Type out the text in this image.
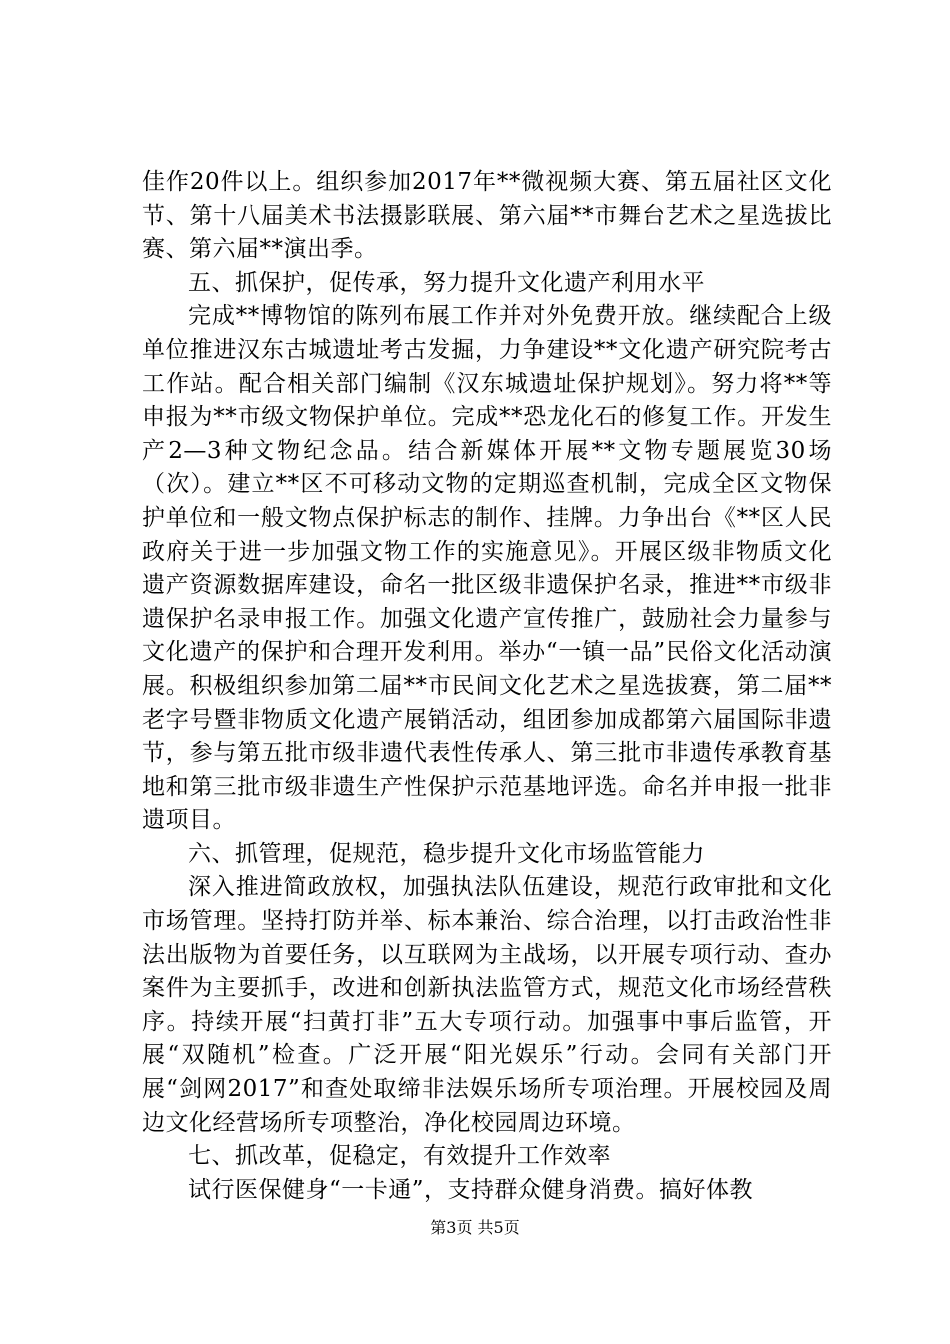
佳作20件以上。组织参加2017年**微视频大赛、第五届社区文化节、第十八届美术书法摄影联展、第六届**市舞台艺术之星选拔比赛、第六届**演出季。

五、抓保护，促传承，努力提升文化遗产利用水平

完成**博物馆的陈列布展工作并对外免费开放。继续配合上级单位推进汉东古城遗址考古发掘，力争建设**文化遗产研究院考古工作站。配合相关部门编制《汉东城遗址保护规划》。努力将**等申报为**市级文物保护单位。完成**恐龙化石的修复工作。开发生产2—3种文物纪念品。结合新媒体开展**文物专题展览30场（次）。建立**区不可移动文物的定期巡查机制，完成全区文物保护单位和一般文物点保护标志的制作、挂牌。力争出台《**区人民政府关于进一步加强文物工作的实施意见》。开展区级非物质文化遗产资源数据库建设，命名一批区级非遗保护名录，推进**市级非遗保护名录申报工作。加强文化遗产宣传推广，鼓励社会力量参与文化遗产的保护和合理开发利用。举办“一镇一品”民俗文化活动演展。积极组织参加第二届**市民间文化艺术之星选拔赛，第二届**老字号暨非物质文化遗产展销活动，组团参加成都第六届国际非遗节，参与第五批市级非遗代表性传承人、第三批市非遗传承教育基地和第三批市级非遗生产性保护示范基地评选。命名并申报一批非遗项目。

六、抓管理，促规范，稳步提升文化市场监管能力

深入推进简政放权，加强执法队伍建设，规范行政审批和文化市场管理。坚持打防并举、标本兼治、综合治理，以打击政治性非法出版物为首要任务，以互联网为主战场，以开展专项行动、查办案件为主要抓手，改进和创新执法监管方式，规范文化市场经营秩序。持续开展“扫黄打非”五大专项行动。加强事中事后监管，开展“双随机”检查。广泛开展“阳光娱乐”行动。会同有关部门开展“剑网2017”和查处取缔非法娱乐场所专项治理。开展校园及周边文化经营场所专项整治，净化校园周边环境。

七、抓改革，促稳定，有效提升工作效率

试行医保健身“一卡通”，支持群众健身消费。搞好体教

第3页 共5页
